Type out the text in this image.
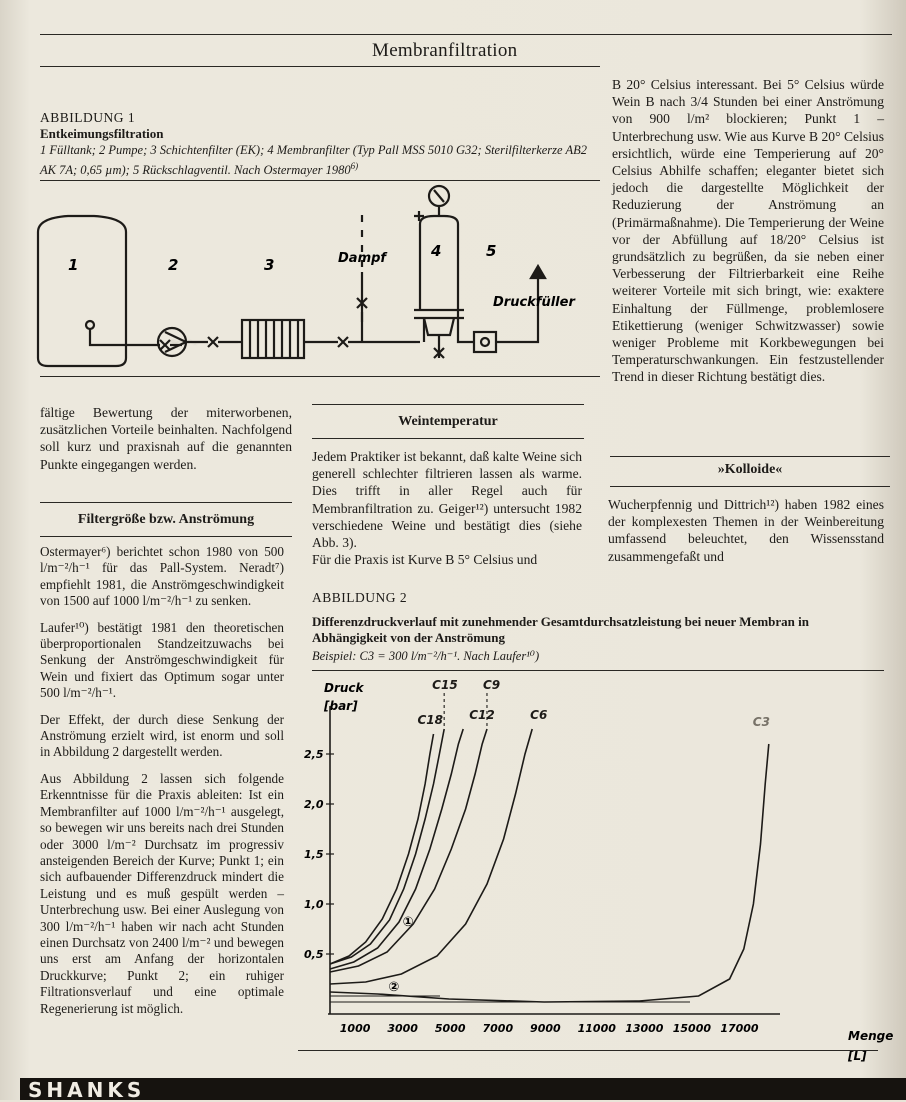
Membranfiltration
ABBILDUNG 1
Entkeimungsfiltration
1 Fülltank; 2 Pumpe; 3 Schichtenfilter (EK); 4 Membranfilter (Typ Pall MSS 5010 G32; Sterilfilterkerze AB2 AK 7A; 0,65 µm); 5 Rückschlagventil. Nach Ostermayer 1980$^{6)}$
1	2	3	Dampf	4	5
Druckfüller

B 20° Celsius interessant. Bei 5° Celsius würde Wein B nach 3/4 Stunden bei einer Anströmung von 900 l/m² blockieren; Punkt 1 – Unterbrechung usw. Wie aus Kurve B 20° Celsius ersichtlich, würde eine Temperierung auf 20° Celsius Abhilfe schaffen; eleganter bietet sich jedoch die dargestellte Möglichkeit der Reduzierung der Anströmung an (Primärmaßnahme). Die Temperierung der Weine vor der Abfüllung auf 18/20° Celsius ist grundsätzlich zu begrüßen, da sie neben einer Verbesserung der Filtrierbarkeit eine Reihe weiterer Vorteile mit sich bringt, wie: exaktere Einhaltung der Füllmenge, problemlosere Etikettierung (weniger Schwitzwasser) sowie weniger Probleme mit Korkbewegungen bei Temperaturschwankungen. Ein festzustellender Trend in dieser Richtung bestätigt dies.

»Kolloide«

Wucherpfennig und Dittrich¹²) haben 1982 eines der komplexesten Themen in der Weinbereitung umfassend beleuchtet, den Wissensstand zusammengefaßt und

fältige Bewertung der miterworbenen, zusätzlichen Vorteile beinhalten. Nachfolgend soll kurz und praxisnah auf die genannten Punkte eingegangen werden.

Filtergröße bzw. Anströmung

Ostermayer⁶) berichtet schon 1980 von 500 l/m⁻²/h⁻¹ für das Pall-System. Neradt⁷) empfiehlt 1981, die Anströmgeschwindigkeit von 1500 auf 1000 l/m⁻²/h⁻¹ zu senken.

Laufer¹⁰) bestätigt 1981 den theoretischen überproportionalen Standzeitzuwachs bei Senkung der Anströmgeschwindigkeit für Wein und fixiert das Optimum sogar unter 500 l/m⁻²/h⁻¹.

Der Effekt, der durch diese Senkung der Anströmung erzielt wird, ist enorm und soll in Abbildung 2 dargestellt werden.

Aus Abbildung 2 lassen sich folgende Erkenntnisse für die Praxis ableiten: Ist ein Membranfilter auf 1000 l/m⁻²/h⁻¹ ausgelegt, so bewegen wir uns bereits nach drei Stunden oder 3000 l/m⁻² Durchsatz im progressiv ansteigenden Bereich der Kurve; Punkt 1; ein sich aufbauender Differenzdruck mindert die Leistung und es muß gespült werden – Unterbrechung usw. Bei einer Auslegung von 300 l/m⁻²/h⁻¹ haben wir nach acht Stunden einen Durchsatz von 2400 l/m⁻² und bewegen uns erst am Anfang der horizontalen Druckkurve; Punkt 2; ein ruhiger Filtrationsverlauf und eine optimale Regenerierung ist möglich.

Weintemperatur

Jedem Praktiker ist bekannt, daß kalte Weine sich generell schlechter filtrieren lassen als warme. Dies trifft in aller Regel auch für Membranfiltration zu. Geiger¹²) untersucht 1982 verschiedene Weine und bestätigt dies (siehe Abb. 3).

Für die Praxis ist Kurve B 5° Celsius und

ABBILDUNG 2
Differenzdruckverlauf mit zunehmender Gesamtdurchsatzleistung bei neuer Membran in Abhängigkeit von der Anströmung
Beispiel: C3 = 300 l/m⁻²/h⁻¹. Nach Laufer¹⁰)
Druck
[bar]
Menge
[L]
0,5
1,0
1,5
2,0
2,5
1000 3000 5000 7000 9000 11000 13000 15000 17000
C18
C15
C12
C9
C6	C3
①
②
SHANKS
